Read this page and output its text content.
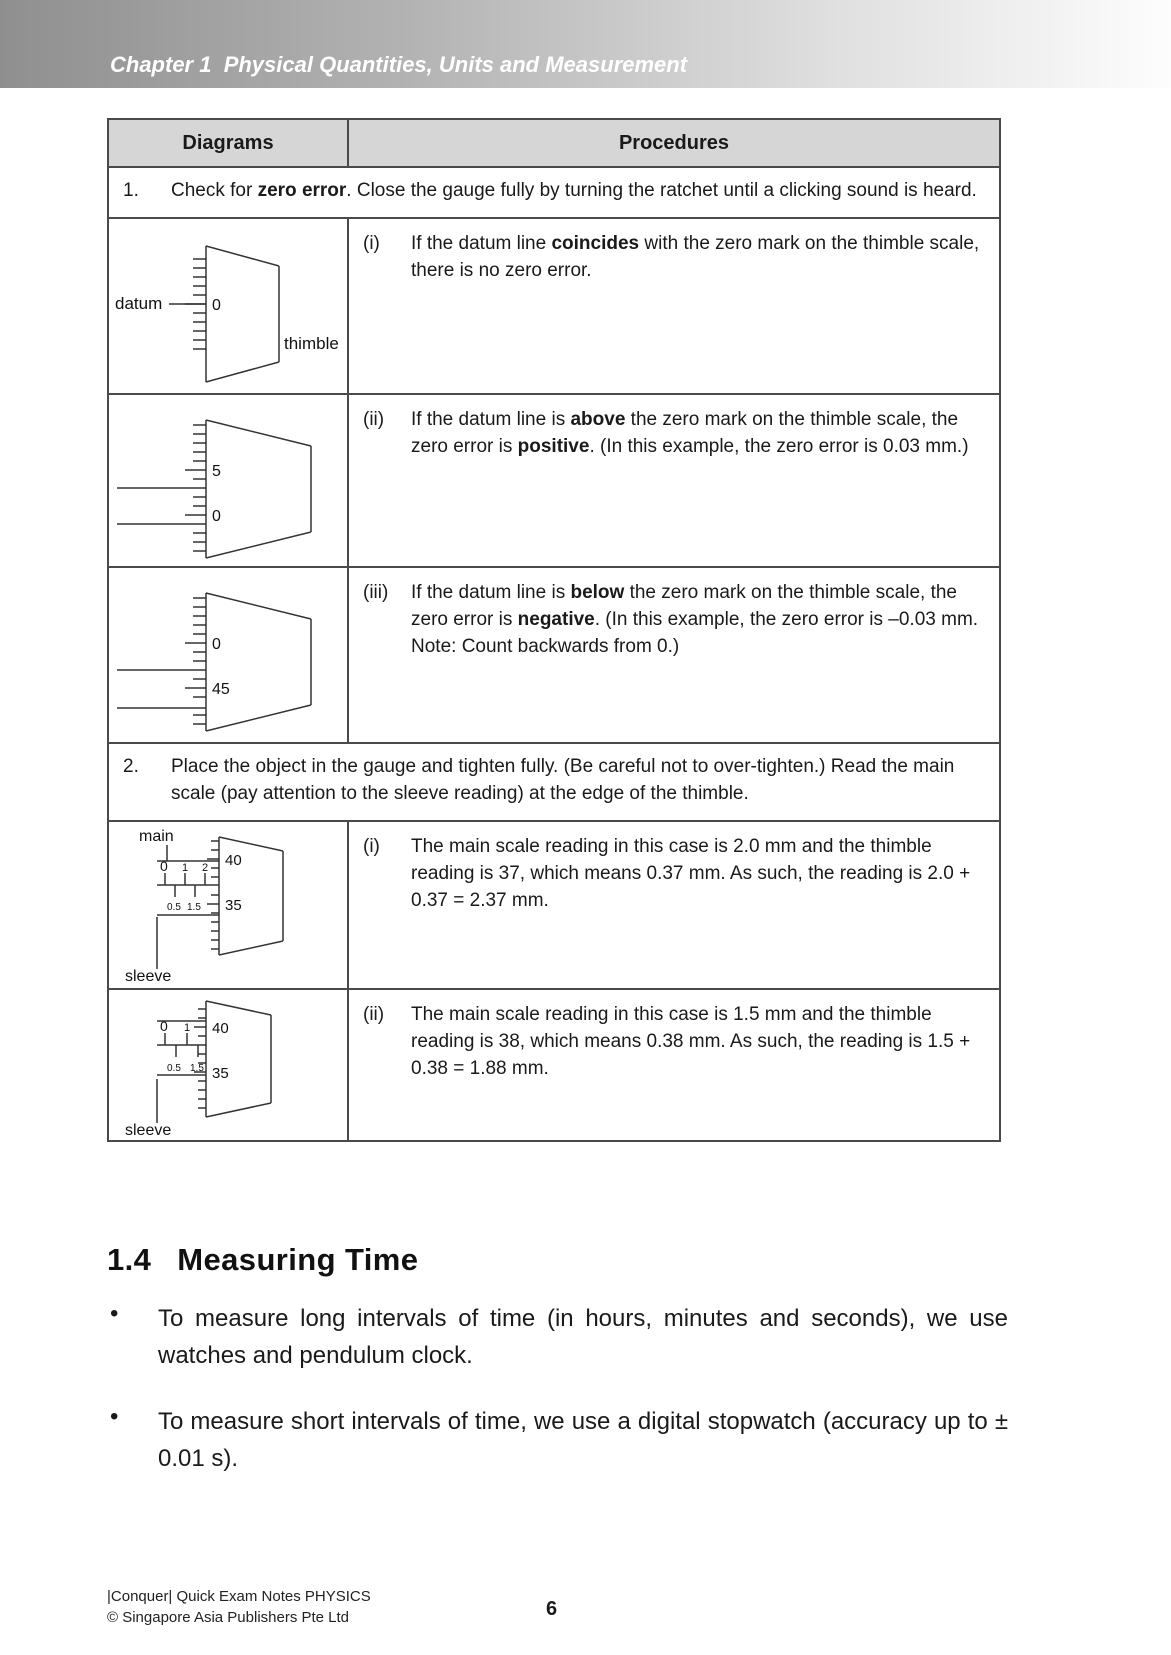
Chapter 1  Physical Quantities, Units and Measurement
Diagrams	Procedures

1. Check for zero error. Close the gauge fully by turning the ratchet until a clicking sound is heard.	

datum 0
thimble	(i) If the datum line coincides with the zero mark on the thimble scale, there is no zero error.

5
0	(ii) If the datum line is above the zero mark on the thimble scale, the zero error is positive. (In this example, the zero error is 0.03 mm.)

0
45	(iii) If the datum line is below the zero mark on the thimble scale, the zero error is negative. (In this example, the zero error is –0.03 mm. Note: Count backwards from 0.)

2. Place the object in the gauge and tighten fully. (Be careful not to over-tighten.) Read the main scale (pay attention to the sleeve reading) at the edge of the thimble.	

main
0 1 2
0.5 1.5
40
35
sleeve

(i)	The main scale reading in this case is 2.0 mm and the thimble reading is 37, which means 0.37 mm. As such, the reading is 2.0 + 0.37 = 2.37 mm.

0 1
0.5 1.5
40
35
sleeve

(ii)	The main scale reading in this case is 1.5 mm and the thimble reading is 38, which means 0.38 mm. As such, the reading is 1.5 + 0.38 = 1.88 mm.
1.4 Measuring Time
•	To measure long intervals of time (in hours, minutes and seconds), we use watches and pendulum clock.
•	To measure short intervals of time, we use a digital stopwatch (accuracy up to ± 0.01 s).
|Conquer| Quick Exam Notes PHYSICS
© Singapore Asia Publishers Pte Ltd	6
